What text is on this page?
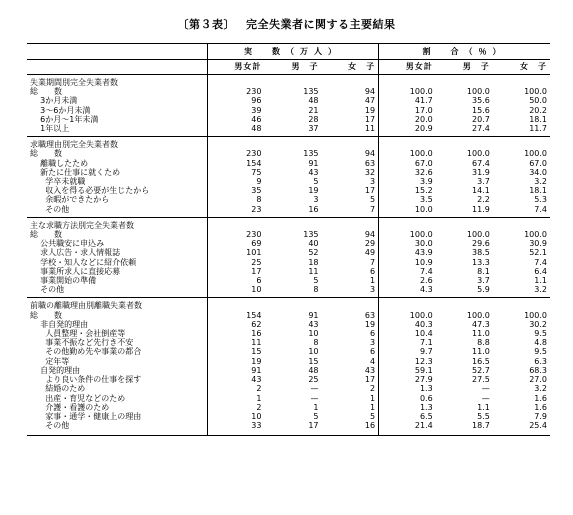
〔第３表〕 完全失業者に関する主要結果
	実　数（万人）			割　合（％）		
	男女計	男　子	女　子	男女計	男　子	女　子
失業期間別完全失業者数						
総　　数	230	135	94	100.0	100.0	100.0
3か月未満	96	48	47	41.7	35.6	50.0
3～6か月未満	39	21	19	17.0	15.6	20.2
6か月～1年未満	46	28	17	20.0	20.7	18.1
1年以上	48	37	11	20.9	27.4	11.7
求職理由別完全失業者数						
総　　数	230	135	94	100.0	100.0	100.0
離職したため	154	91	63	67.0	67.4	67.0
新たに仕事に就くため	75	43	32	32.6	31.9	34.0
学卒未就職	9	5	3	3.9	3.7	3.2
収入を得る必要が生じたから	35	19	17	15.2	14.1	18.1
余暇ができたから	8	3	5	3.5	2.2	5.3
その他	23	16	7	10.0	11.9	7.4
主な求職方法別完全失業者数						
総　　数	230	135	94	100.0	100.0	100.0
公共職安に申込み	69	40	29	30.0	29.6	30.9
求人広告・求人情報誌	101	52	49	43.9	38.5	52.1
学校・知人などに紹介依頼	25	18	7	10.9	13.3	7.4
事業所求人に直接応募	17	11	6	7.4	8.1	6.4
事業開始の準備	6	5	1	2.6	3.7	1.1
その他	10	8	3	4.3	5.9	3.2
前職の離職理由別離職失業者数						
総　　数	154	91	63	100.0	100.0	100.0
非自発的理由	62	43	19	40.3	47.3	30.2
人員整理・会社倒産等	16	10	6	10.4	11.0	9.5
事業不振など先行き不安	11	8	3	7.1	8.8	4.8
その他勤め先や事業の都合	15	10	6	9.7	11.0	9.5
定年等	19	15	4	12.3	16.5	6.3
自発的理由	91	48	43	59.1	52.7	68.3
より良い条件の仕事を探す	43	25	17	27.9	27.5	27.0
結婚のため	2	—	2	1.3	—	3.2
出産・育児などのため	1	—	1	0.6	—	1.6
介護・看護のため	2	1	1	1.3	1.1	1.6
家事・通学・健康上の理由	10	5	5	6.5	5.5	7.9
その他	33	17	16	21.4	18.7	25.4
